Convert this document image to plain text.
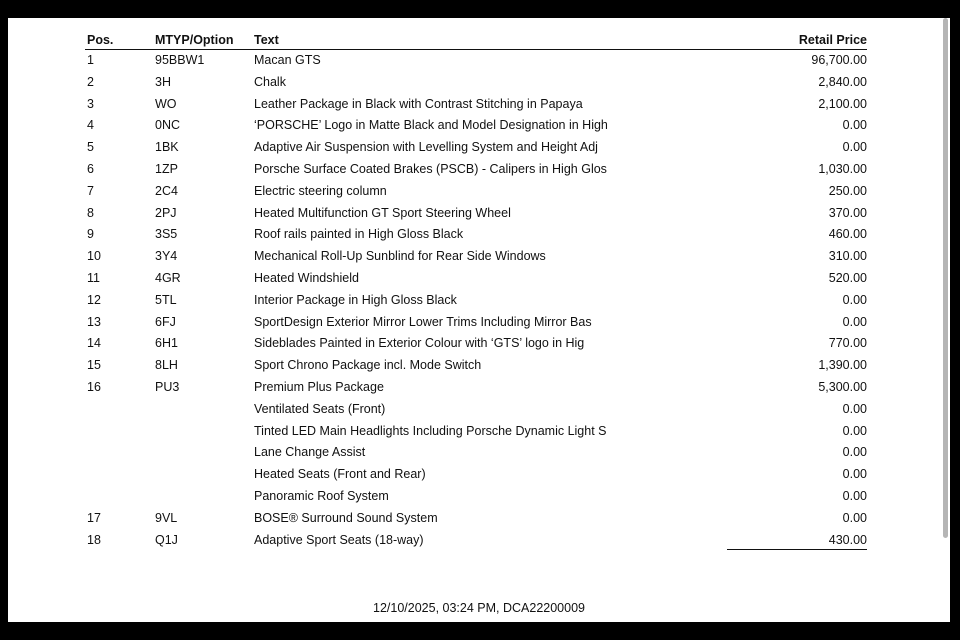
Pos.	MTYP/Option	Text	Retail Price
1	95BBW1	Macan GTS	96,700.00
2	3H	Chalk	2,840.00
3	WO	Leather Package in Black with Contrast Stitching in Papaya	2,100.00
4	0NC	‘PORSCHE’ Logo in Matte Black and Model Designation in High	0.00
5	1BK	Adaptive Air Suspension with Levelling System and Height Adj	0.00
6	1ZP	Porsche Surface Coated Brakes (PSCB) - Calipers in High Glos	1,030.00
7	2C4	Electric steering column	250.00
8	2PJ	Heated Multifunction GT Sport Steering Wheel	370.00
9	3S5	Roof rails painted in High Gloss Black	460.00
10	3Y4	Mechanical Roll-Up Sunblind for Rear Side Windows	310.00
11	4GR	Heated Windshield	520.00
12	5TL	Interior Package in High Gloss Black	0.00
13	6FJ	SportDesign Exterior Mirror Lower Trims Including Mirror Bas	0.00
14	6H1	Sideblades Painted in Exterior Colour with ‘GTS’ logo in Hig	770.00
15	8LH	Sport Chrono Package incl. Mode Switch	1,390.00
16	PU3	Premium Plus Package	5,300.00
		Ventilated Seats (Front)	0.00
		Tinted LED Main Headlights Including Porsche Dynamic Light S	0.00
		Lane Change Assist	0.00
		Heated Seats (Front and Rear)	0.00
		Panoramic Roof System	0.00
17	9VL	BOSE® Surround Sound System	0.00
18	Q1J	Adaptive Sport Seats (18-way)	430.00
12/10/2025, 03:24 PM, DCA22200009
